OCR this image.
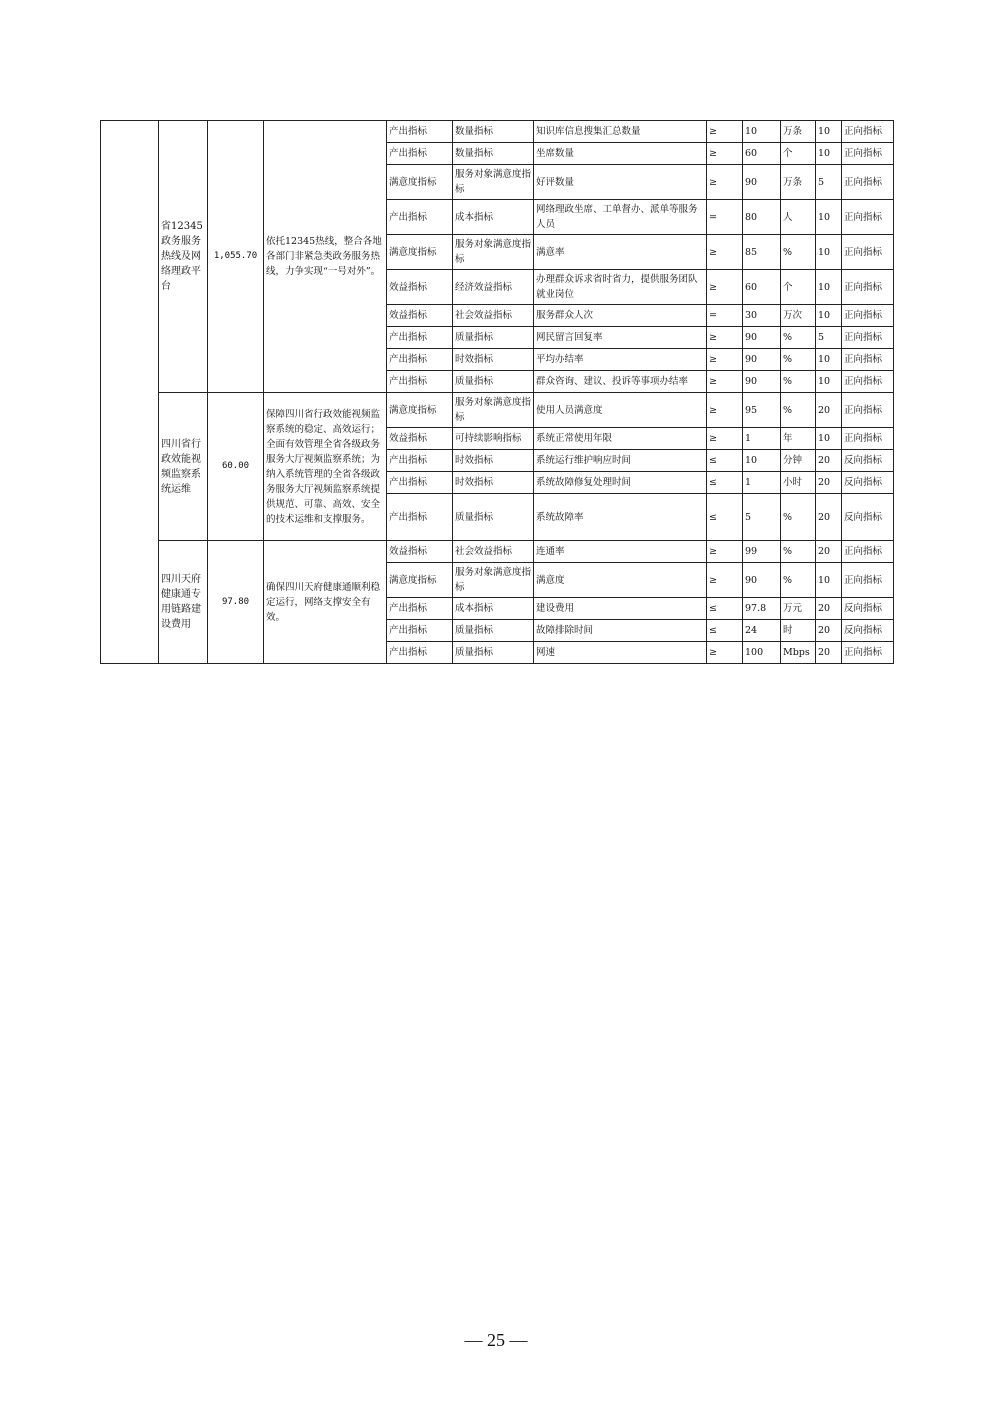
	省12345政务服务热线及网络理政平台	1,055.70	依托12345热线，整合各地各部门非紧急类政务服务热线，力争实现“一号对外”。	产出指标	数量指标	知识库信息搜集汇总数量	≥	10	万条	10	正向指标
				产出指标	数量指标	坐席数量	≥	60	个	10	正向指标
				满意度指标	服务对象满意度指标	好评数量	≥	90	万条	5	正向指标
				产出指标	成本指标	网络理政坐席、工单督办、派单等服务人员	=	80	人	10	正向指标
				满意度指标	服务对象满意度指标	满意率	≥	85	%	10	正向指标
				效益指标	经济效益指标	办理群众诉求省时省力，提供服务团队就业岗位	≥	60	个	10	正向指标
				效益指标	社会效益指标	服务群众人次	=	30	万次	10	正向指标
				产出指标	质量指标	网民留言回复率	≥	90	%	5	正向指标
				产出指标	时效指标	平均办结率	≥	90	%	10	正向指标
				产出指标	质量指标	群众咨询、建议、投诉等事项办结率	≥	90	%	10	正向指标
	四川省行政效能视频监察系统运维	60.00	保障四川省行政效能视频监察系统的稳定、高效运行；全面有效管理全省各级政务服务大厅视频监察系统；为纳入系统管理的全省各级政务服务大厅视频监察系统提供规范、可靠、高效、安全的技术运维和支撑服务。	满意度指标	服务对象满意度指标	使用人员满意度	≥	95	%	20	正向指标
				效益指标	可持续影响指标	系统正常使用年限	≥	1	年	10	正向指标
				产出指标	时效指标	系统运行维护响应时间	≤	10	分钟	20	反向指标
				产出指标	时效指标	系统故障修复处理时间	≤	1	小时	20	反向指标
				产出指标	质量指标	系统故障率	≤	5	%	20	反向指标
	四川天府健康通专用链路建设费用	97.80	确保四川天府健康通顺利稳定运行，网络支撑安全有效。	效益指标	社会效益指标	连通率	≥	99	%	20	正向指标
				满意度指标	服务对象满意度指标	满意度	≥	90	%	10	正向指标
				产出指标	成本指标	建设费用	≤	97.8	万元	20	反向指标
				产出指标	质量指标	故障排除时间	≤	24	时	20	反向指标
				产出指标	质量指标	网速	≥	100	Mbps	20	正向指标
— 25 —
